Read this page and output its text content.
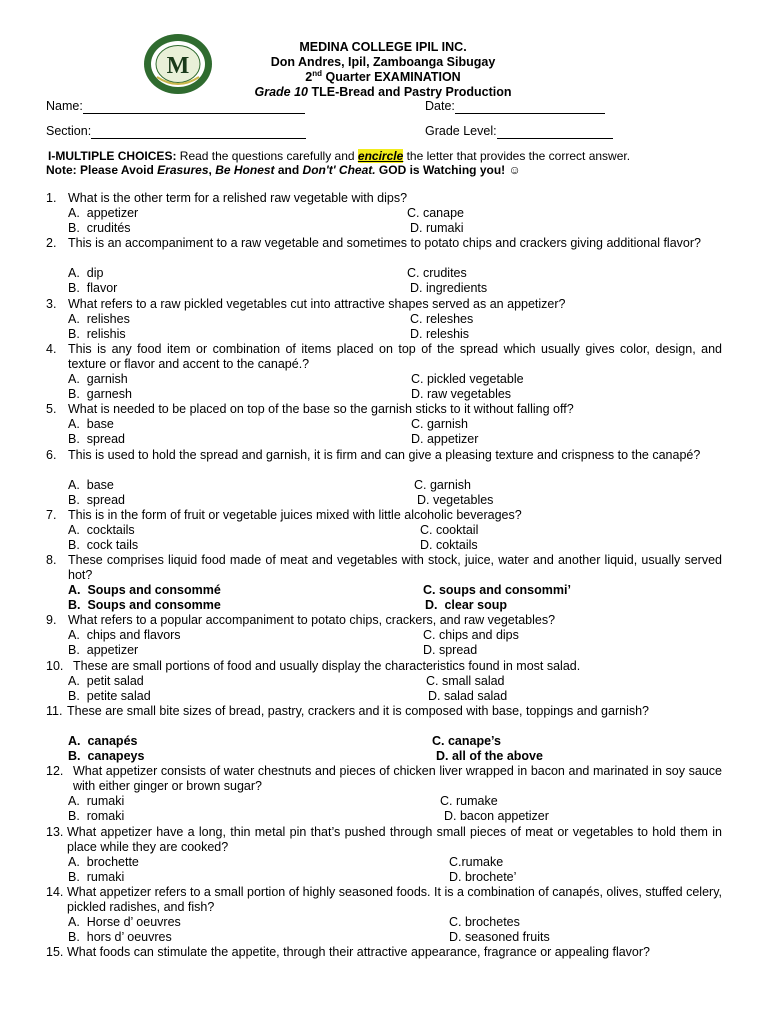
M
MEDINA COLLEGE IPIL INC.
Don Andres, Ipil, Zamboanga Sibugay
2nd Quarter EXAMINATION
Grade 10 TLE-Bread and Pastry Production
Name:	Date:
Section:	Grade Level:
I-MULTIPLE CHOICES: Read the questions carefully and encircle the letter that provides the correct answer.
Note: Please Avoid Erasures, Be Honest and Don't' Cheat. GOD is Watching you! ☺
1. What is the other term for a relished raw vegetable with dips?
A.  appetizer
B.  crudités
C. canape
D. rumaki
2. This is an accompaniment to a raw vegetable and sometimes to potato chips and crackers giving additional flavor?
A.  dip
B.  flavor
C. crudites
D. ingredients
3. What refers to a raw pickled vegetables cut into attractive shapes served as an appetizer?
A.  relishes
B.  relishis
C. releshes
D. releshis
4. This is any food item or combination of items placed on top of the spread which usually gives color, design, and texture or flavor and accent to the canapé.?
A.  garnish
B.  garnesh
C. pickled vegetable
D. raw vegetables
5. What is needed to be placed on top of the base so the garnish sticks to it without falling off?
A.  base
B.  spread
C. garnish
D. appetizer
6. This is used to hold the spread and garnish, it is firm and can give a pleasing texture and crispness to the canapé?
A.  base
B.  spread
C. garnish
D. vegetables
7. This is in the form of fruit or vegetable juices mixed with little alcoholic beverages?
A.  cocktails
B.  cock tails
C. cooktail
D. coktails
8. These comprises liquid food made of meat and vegetables with stock, juice, water and another liquid, usually served hot?
A.  Soups and consommé
B.  Soups and consomme
C. soups and consommi’
D.  clear soup
9. What refers to a popular accompaniment to potato chips, crackers, and raw vegetables?
A.  chips and flavors
B.  appetizer
C. chips and dips
D. spread
10. These are small portions of food and usually display the characteristics found in most salad.
A.  petit salad
B.  petite salad
C. small salad
D. salad salad
11. These are small bite sizes of bread, pastry, crackers and it is composed with base, toppings and garnish?
A.  canapés
B.  canapeys
C. canape’s
D. all of the above
12. What appetizer consists of water chestnuts and pieces of chicken liver wrapped in bacon and marinated in soy sauce with either ginger or brown sugar?
A.  rumaki
B.  romaki
C. rumake
D. bacon appetizer
13. What appetizer have a long, thin metal pin that’s pushed through small pieces of meat or vegetables to hold them in place while they are cooked?
A.  brochette
B.  rumaki
C.rumake
D. brochete’
14. What appetizer refers to a small portion of highly seasoned foods. It is a combination of canapés, olives, stuffed celery, pickled radishes, and fish?
A.  Horse d’ oeuvres
B.  hors d’ oeuvres
C. brochetes
D. seasoned fruits
15. What foods can stimulate the appetite, through their attractive appearance, fragrance or appealing flavor?
